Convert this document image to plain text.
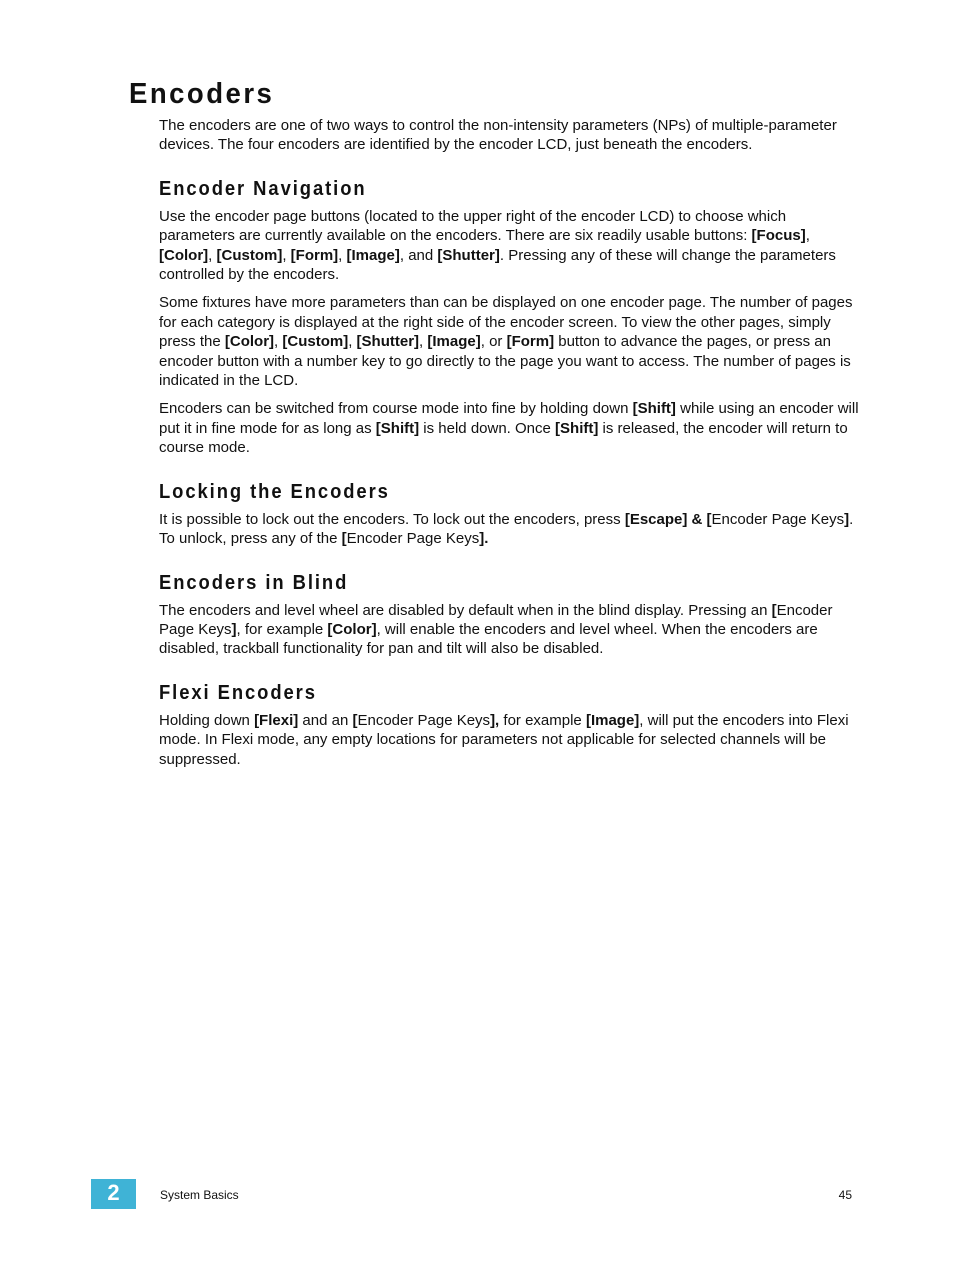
Encoders

The encoders are one of two ways to control the non-intensity parameters (NPs) of multiple-parameter devices. The four encoders are identified by the encoder LCD, just beneath the encoders.

Encoder Navigation

Use the encoder page buttons (located to the upper right of the encoder LCD) to choose which parameters are currently available on the encoders. There are six readily usable buttons: [Focus], [Color], [Custom], [Form], [Image], and [Shutter]. Pressing any of these will change the parameters controlled by the encoders.

Some fixtures have more parameters than can be displayed on one encoder page. The number of pages for each category is displayed at the right side of the encoder screen. To view the other pages, simply press the [Color], [Custom], [Shutter], [Image], or [Form] button to advance the pages, or press an encoder button with a number key to go directly to the page you want to access. The number of pages is indicated in the LCD.

Encoders can be switched from course mode into fine by holding down [Shift] while using an encoder will put it in fine mode for as long as [Shift] is held down. Once [Shift] is released, the encoder will return to course mode.

Locking the Encoders

It is possible to lock out the encoders. To lock out the encoders, press [Escape] & [Encoder Page Keys]. To unlock, press any of the [Encoder Page Keys].

Encoders in Blind

The encoders and level wheel are disabled by default when in the blind display. Pressing an [Encoder Page Keys], for example [Color], will enable the encoders and level wheel. When the encoders are disabled, trackball functionality for pan and tilt will also be disabled.

Flexi Encoders

Holding down [Flexi] and an [Encoder Page Keys], for example [Image], will put the encoders into Flexi mode. In Flexi mode, any empty locations for parameters not applicable for selected channels will be suppressed.

2	System Basics	45
